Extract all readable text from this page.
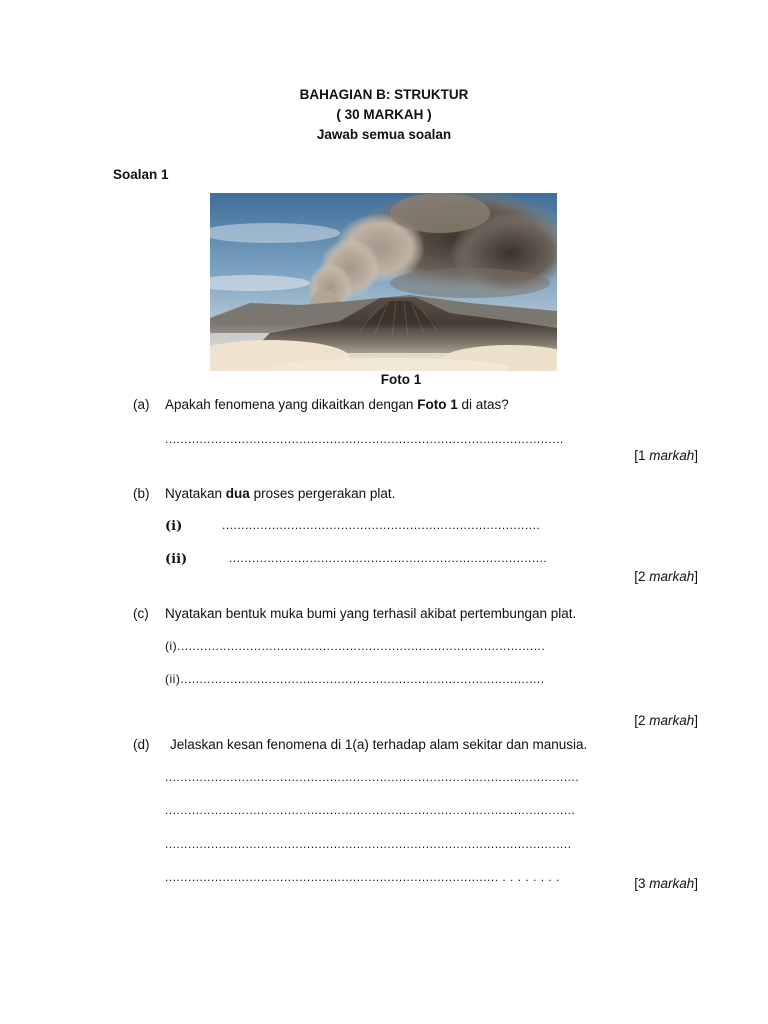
BAHAGIAN B: STRUKTUR
( 30 MARKAH )
Jawab semua soalan
Soalan 1
Foto 1
(a) Apakah fenomena yang dikaitkan dengan Foto 1 di atas?
........................................................................................................
[1 markah]
(b) Nyatakan dua proses pergerakan plat.
(i)	...................................................................................
(ii)	...................................................................................
[2 markah]
(c) Nyatakan bentuk muka bumi yang terhasil akibat pertembungan plat.
(i)................................................................................................
(ii)...............................................................................................
[2 markah]
(d) Jelaskan kesan fenomena di 1(a) terhadap alam sekitar dan manusia.
............................................................................................................
...........................................................................................................
..........................................................................................................
....................................................................................... . . . . . . . .	[3 markah]
